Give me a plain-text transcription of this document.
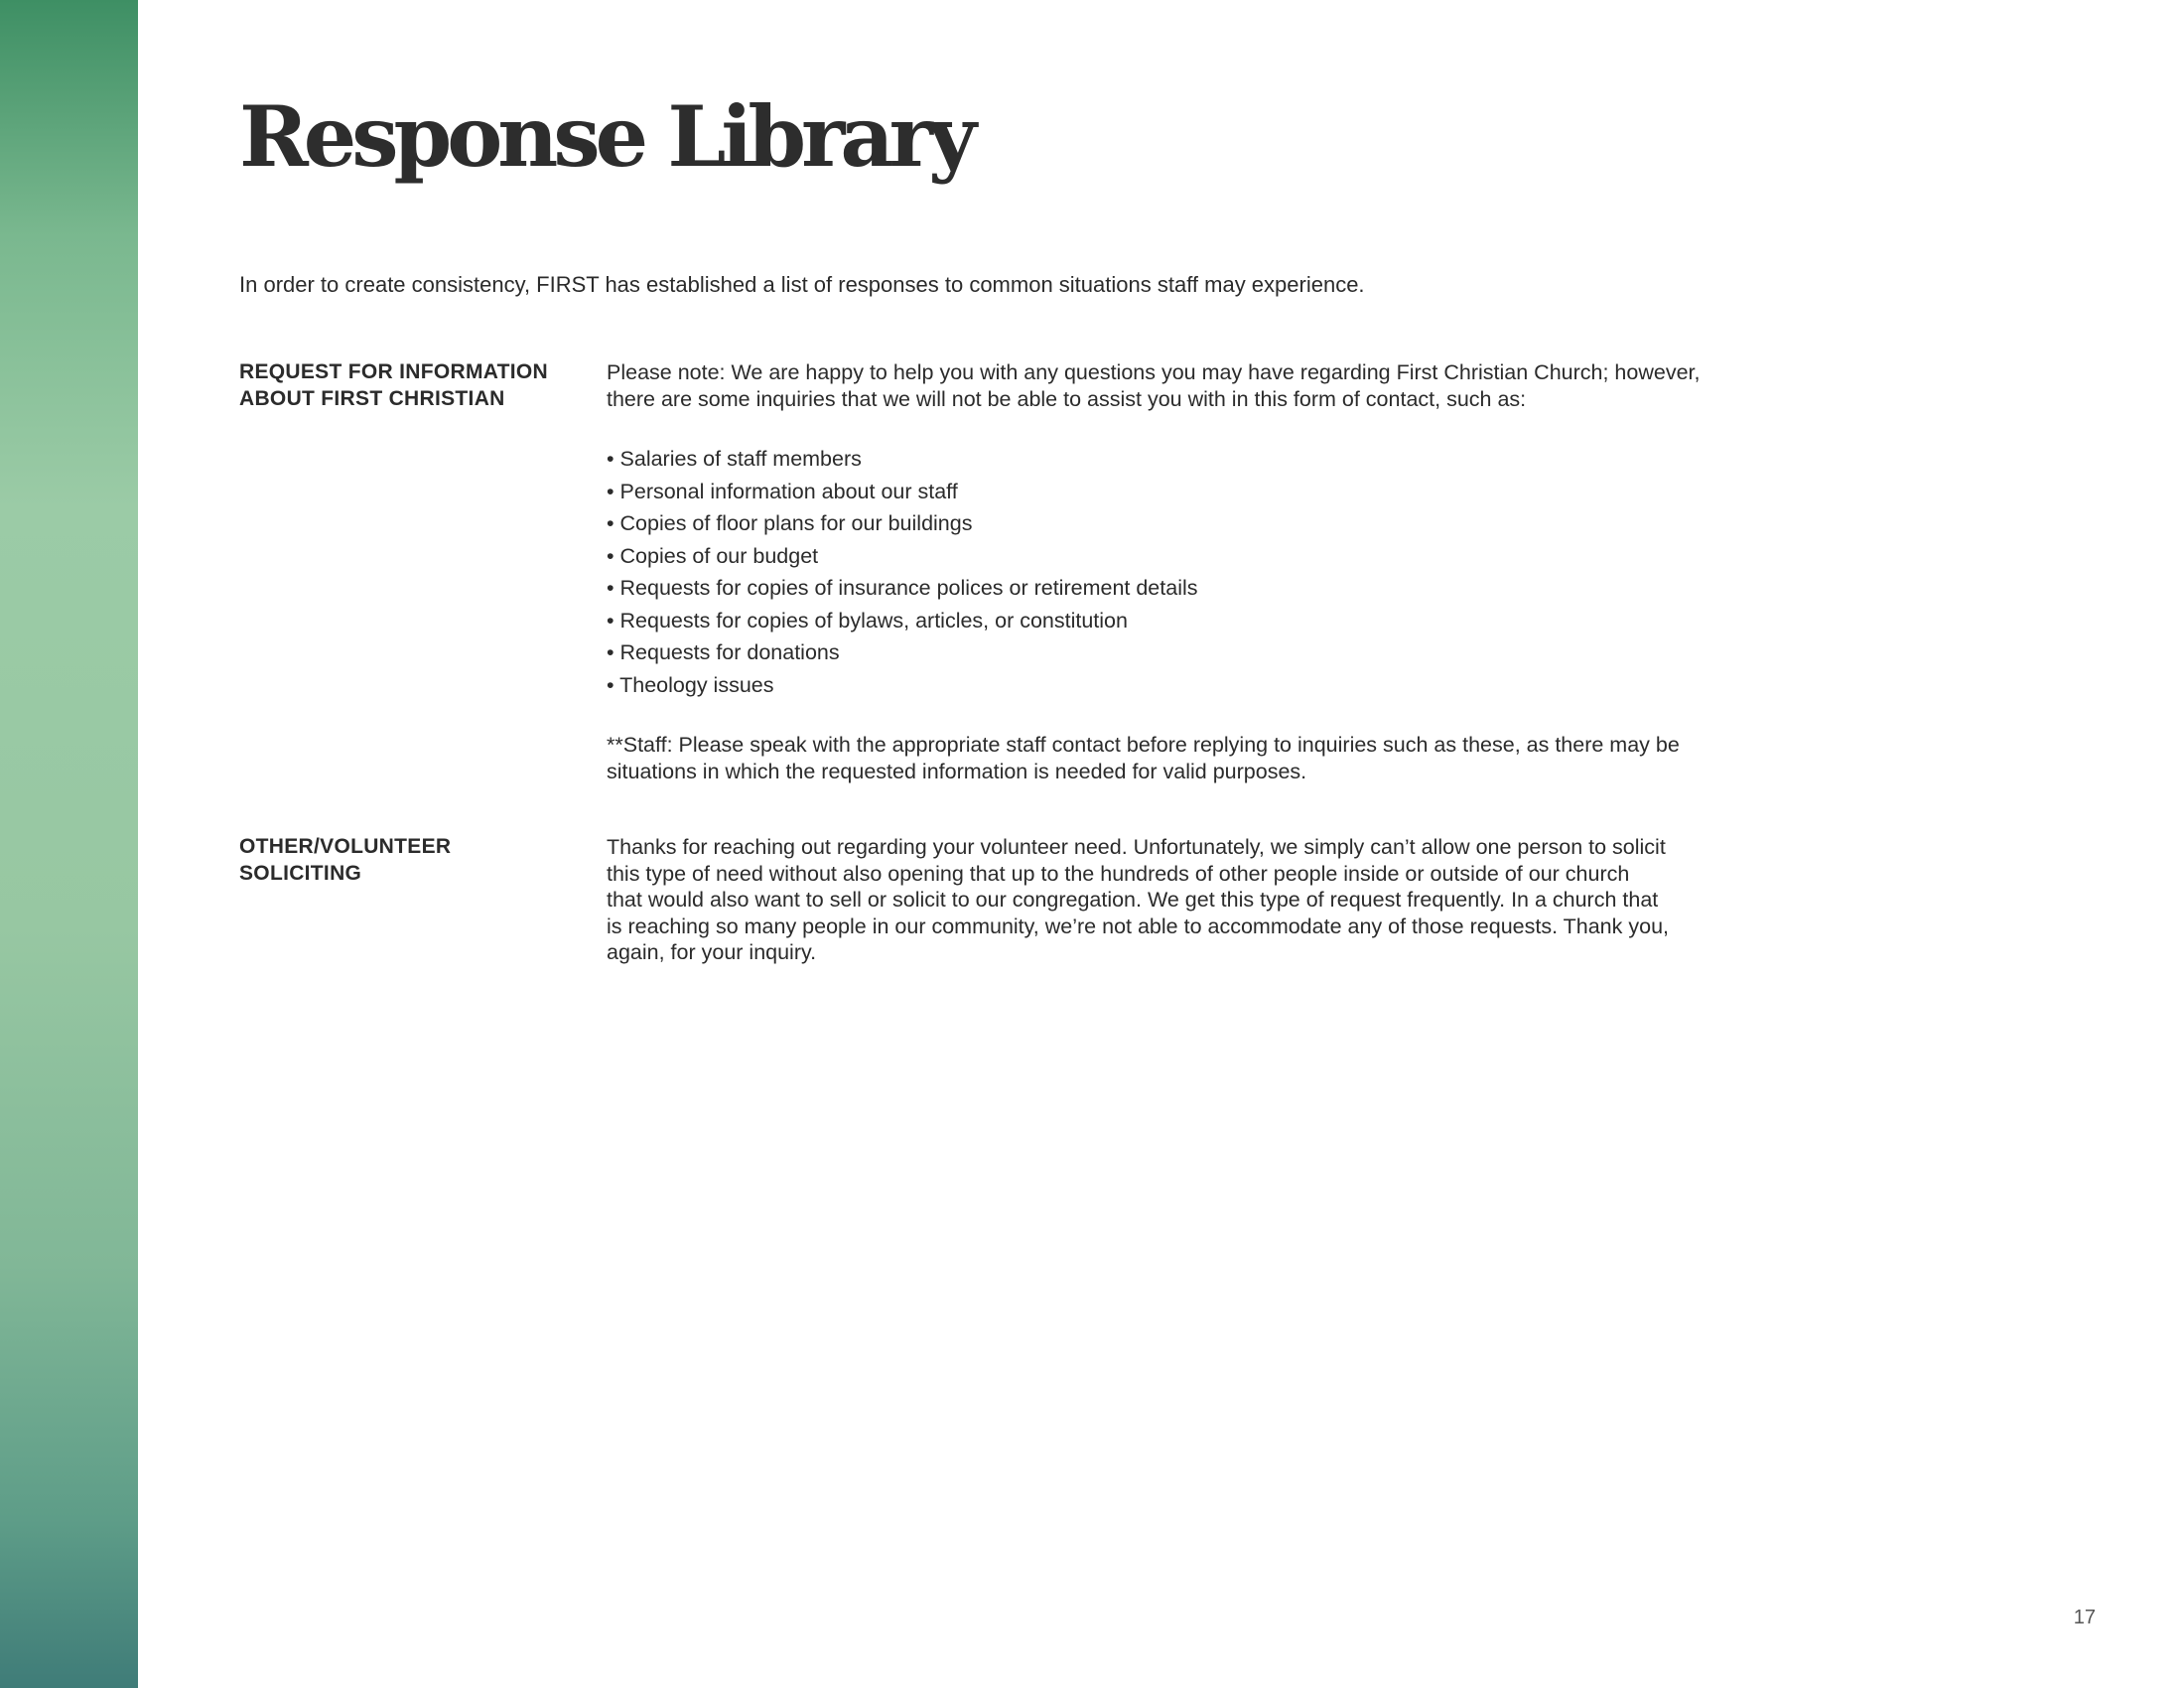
Response Library

In order to create consistency, FIRST has established a list of responses to common situations staff may experience.

REQUEST FOR INFORMATION
ABOUT FIRST CHRISTIAN

Please note: We are happy to help you with any questions you may have regarding First Christian Church; however,
there are some inquiries that we will not be able to assist you with in this form of contact, such as:

• Salaries of staff members
• Personal information about our staff
• Copies of floor plans for our buildings
• Copies of our budget
• Requests for copies of insurance polices or retirement details
• Requests for copies of bylaws, articles, or constitution
• Requests for donations
• Theology issues

**Staff: Please speak with the appropriate staff contact before replying to inquiries such as these, as there may be
situations in which the requested information is needed for valid purposes.

OTHER/VOLUNTEER
SOLICITING

Thanks for reaching out regarding your volunteer need. Unfortunately, we simply can’t allow one person to solicit
this type of need without also opening that up to the hundreds of other people inside or outside of our church
that would also want to sell or solicit to our congregation. We get this type of request frequently. In a church that
is reaching so many people in our community, we’re not able to accommodate any of those requests. Thank you,
again, for your inquiry.

17
